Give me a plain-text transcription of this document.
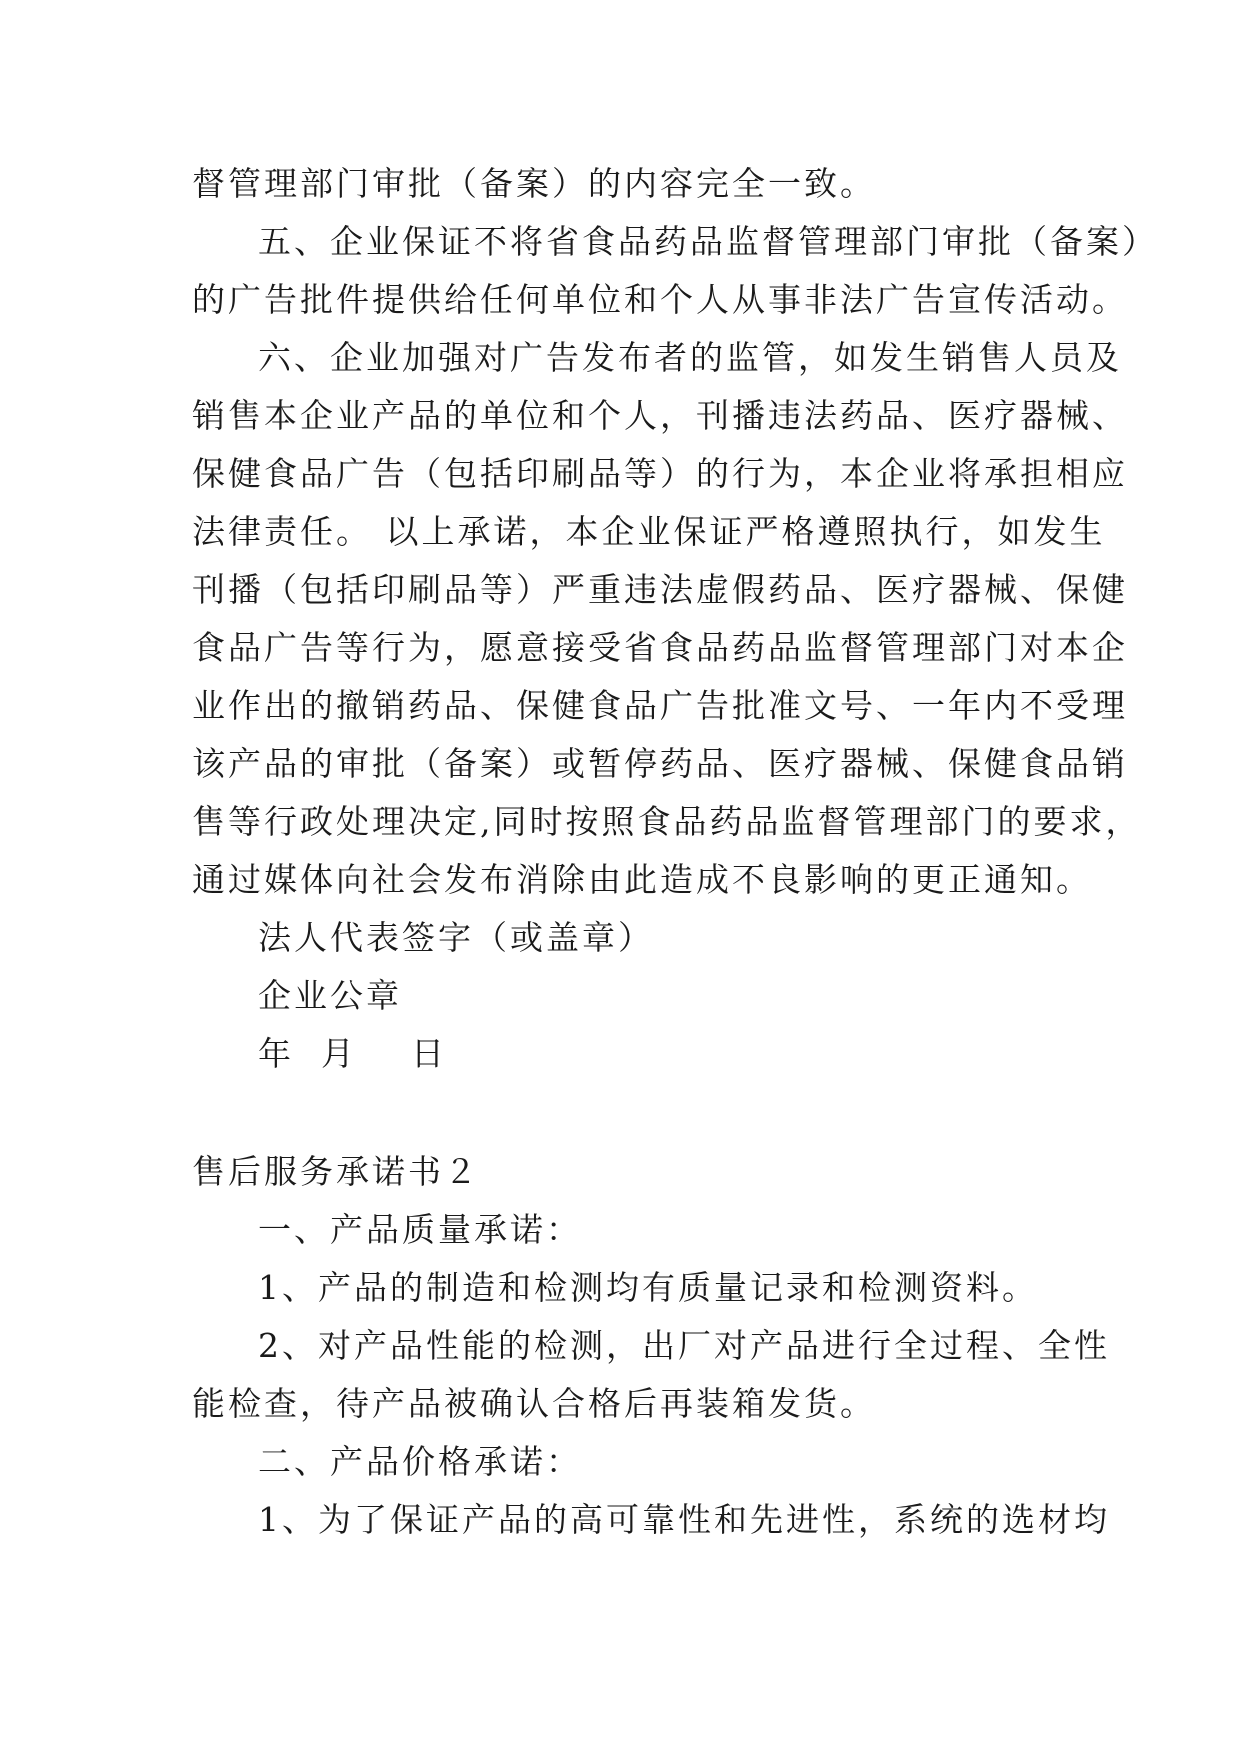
督管理部门审批（备案）的内容完全一致。
五、企业保证不将省食品药品监督管理部门审批（备案）
的广告批件提供给任何单位和个人从事非法广告宣传活动。
六、企业加强对广告发布者的监管，如发生销售人员及
销售本企业产品的单位和个人，刊播违法药品、医疗器械、
保健食品广告（包括印刷品等）的行为，本企业将承担相应
法律责任。 以上承诺，本企业保证严格遵照执行，如发生
刊播（包括印刷品等）严重违法虚假药品、医疗器械、保健
食品广告等行为，愿意接受省食品药品监督管理部门对本企
业作出的撤销药品、保健食品广告批准文号、一年内不受理
该产品的审批（备案）或暂停药品、医疗器械、保健食品销
售等行政处理决定,同时按照食品药品监督管理部门的要求，
通过媒体向社会发布消除由此造成不良影响的更正通知。
法人代表签字（或盖章）
企业公章
年  月    日
售后服务承诺书２
一、产品质量承诺：
1、产品的制造和检测均有质量记录和检测资料。
2、对产品性能的检测，出厂对产品进行全过程、全性
能检查，待产品被确认合格后再装箱发货。
二、产品价格承诺：
1、为了保证产品的高可靠性和先进性，系统的选材均
